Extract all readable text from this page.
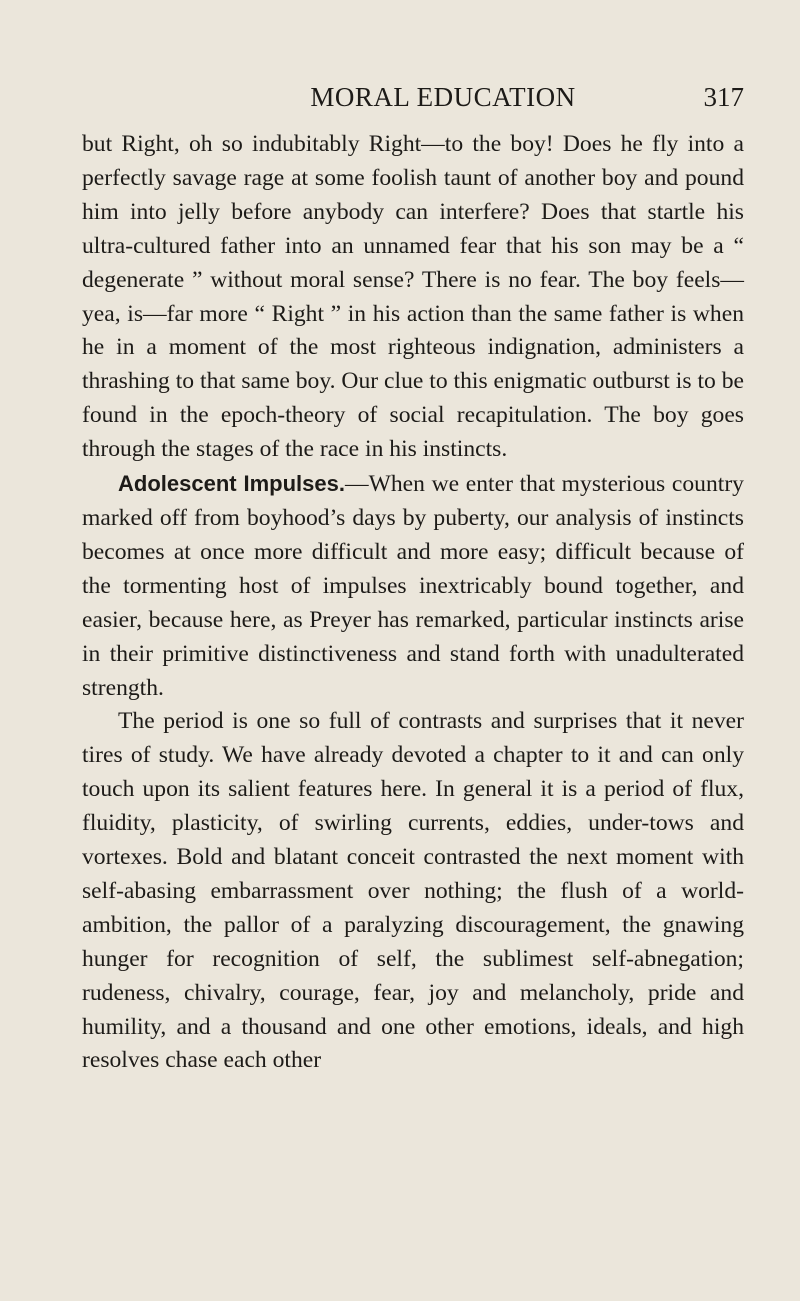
MORAL EDUCATION	317

but Right, oh so indubitably Right—to the boy! Does he fly into a perfectly savage rage at some foolish taunt of another boy and pound him into jelly before anybody can interfere? Does that startle his ultra-cultured father into an unnamed fear that his son may be a “ degenerate ” without moral sense? There is no fear. The boy feels—yea, is—far more “ Right ” in his action than the same father is when he in a moment of the most righteous indignation, administers a thrashing to that same boy. Our clue to this enigmatic outburst is to be found in the epoch-theory of social recapitulation. The boy goes through the stages of the race in his instincts.

Adolescent Impulses.—When we enter that mysterious country marked off from boyhood’s days by puberty, our analysis of instincts becomes at once more difficult and more easy; difficult because of the tormenting host of impulses inextricably bound together, and easier, because here, as Preyer has remarked, particular instincts arise in their primitive distinctiveness and stand forth with unadulterated strength.

The period is one so full of contrasts and surprises that it never tires of study. We have already devoted a chapter to it and can only touch upon its salient features here. In general it is a period of flux, fluidity, plasticity, of swirling currents, eddies, under-tows and vortexes. Bold and blatant conceit contrasted the next moment with self-abasing embarrassment over nothing; the flush of a world-ambition, the pallor of a paralyzing discouragement, the gnawing hunger for recognition of self, the sublimest self-abnegation; rudeness, chivalry, courage, fear, joy and melancholy, pride and humility, and a thousand and one other emotions, ideals, and high resolves chase each other
